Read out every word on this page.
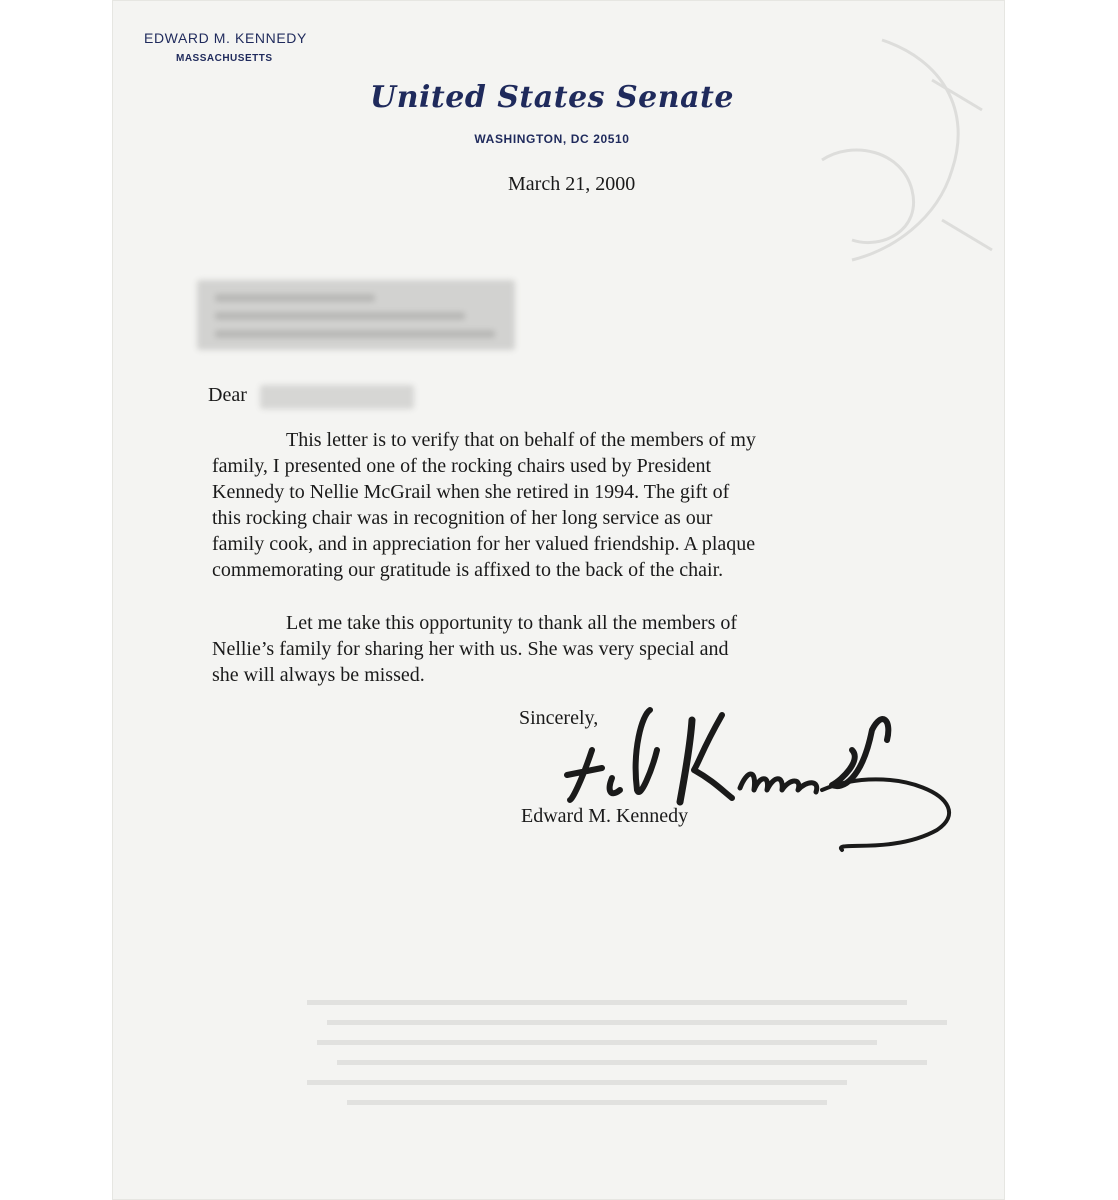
EDWARD M. KENNEDY
MASSACHUSETTS
United States Senate
WASHINGTON, DC 20510
March 21, 2000
Dear
This letter is to verify that on behalf of the members of my
family, I presented one of the rocking chairs used by President
Kennedy to Nellie McGrail when she retired in 1994. The gift of
this rocking chair was in recognition of her long service as our
family cook, and in appreciation for her valued friendship. A plaque
commemorating our gratitude is affixed to the back of the chair.
Let me take this opportunity to thank all the members of
Nellie’s family for sharing her with us. She was very special and
she will always be missed.
Sincerely,
Edward M. Kennedy
